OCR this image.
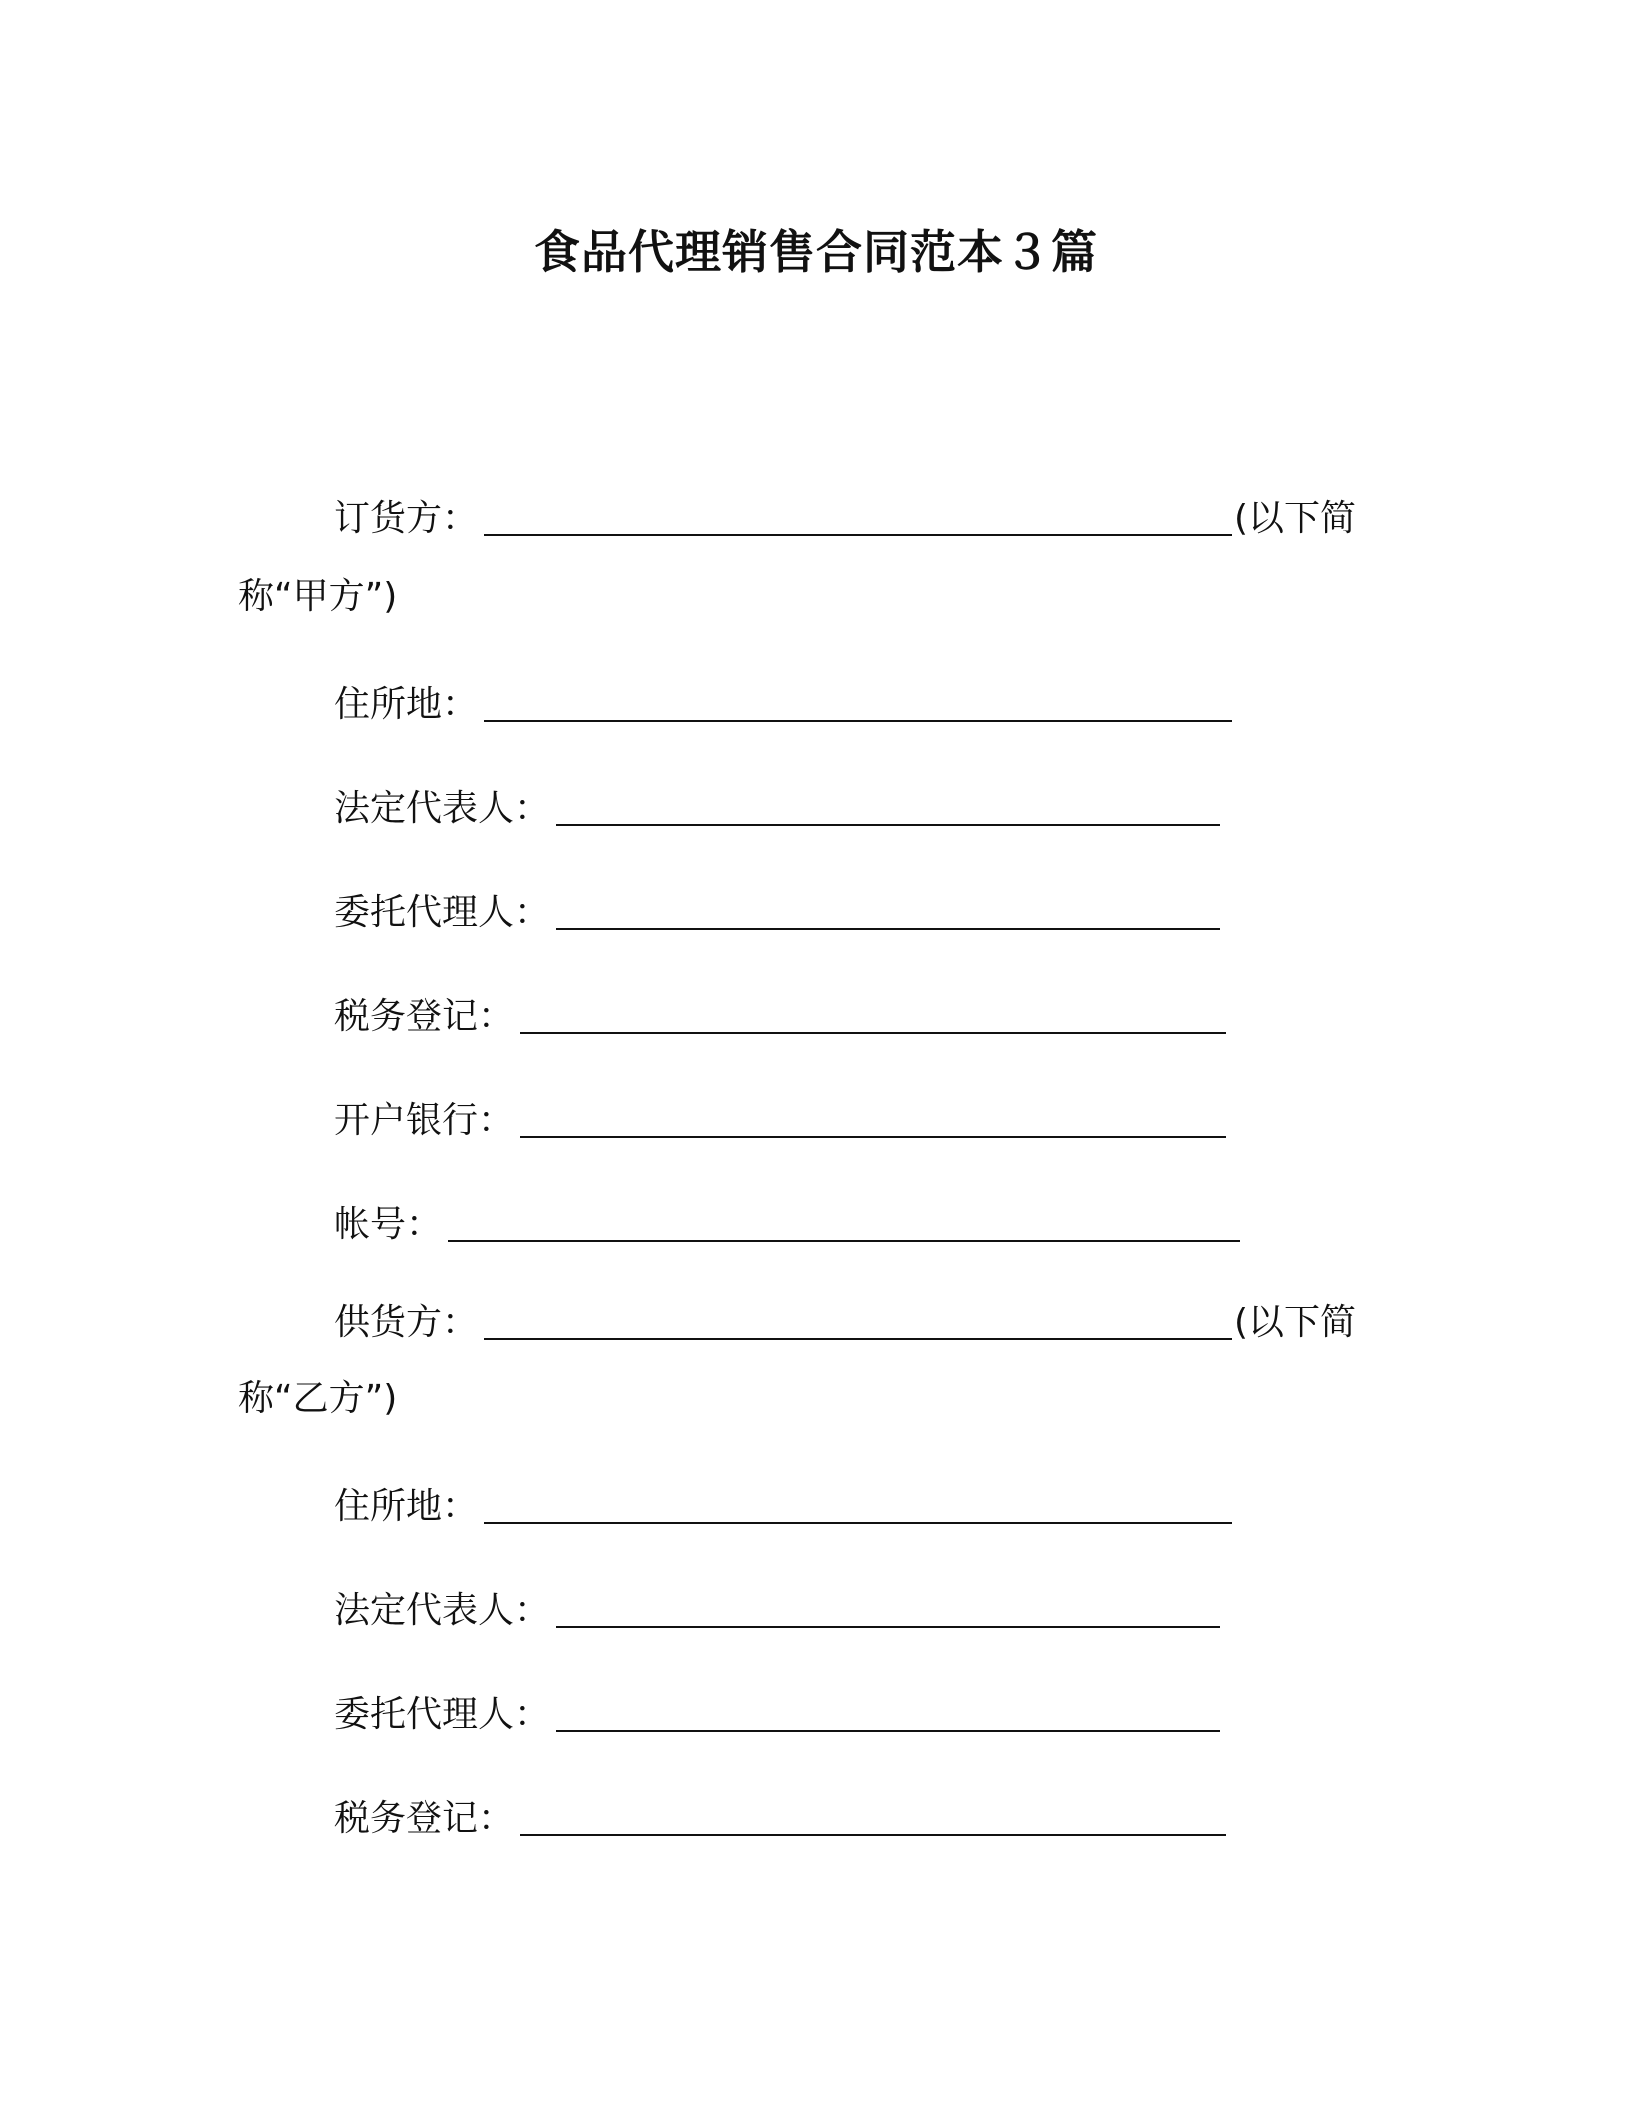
食品代理销售合同范本３篇
订货方：	(以下简
称“甲方”)
住所地：
法定代表人：
委托代理人：
税务登记：
开户银行：
帐号：
供货方：	(以下简
称“乙方”)
住所地：
法定代表人：
委托代理人：
税务登记：
